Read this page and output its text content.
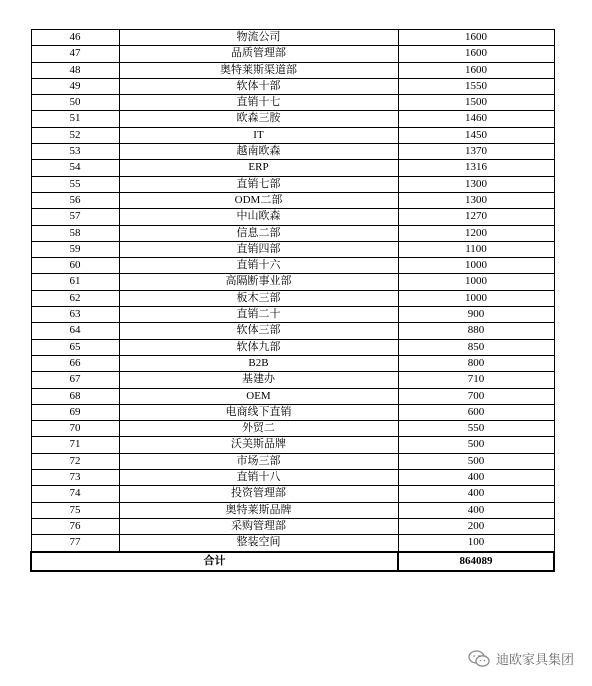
46	物流公司	1600
47	品质管理部	1600
48	奥特莱斯渠道部	1600
49	软体十部	1550
50	直销十七	1500
51	欧森三胺	1460
52	IT	1450
53	越南欧森	1370
54	ERP	1316
55	直销七部	1300
56	ODM二部	1300
57	中山欧森	1270
58	信息二部	1200
59	直销四部	1100
60	直销十六	1000
61	高隔断事业部	1000
62	板木三部	1000
63	直销二十	900
64	软体三部	880
65	软体九部	850
66	B2B	800
67	基建办	710
68	OEM	700
69	电商线下直销	600
70	外贸二	550
71	沃美斯品牌	500
72	市场三部	500
73	直销十八	400
74	投资管理部	400
75	奥特莱斯品牌	400
76	采购管理部	200
77	整装空间	100
合计		864089
迪欧家具集团
